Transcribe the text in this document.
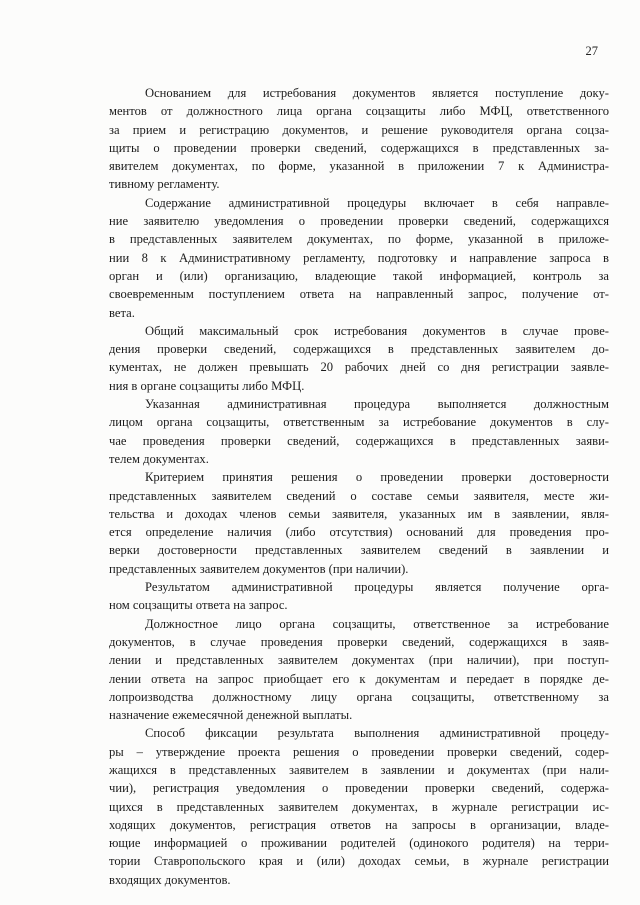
27
Основанием для истребования документов является поступление доку-
ментов от должностного лица органа соцзащиты либо МФЦ, ответственного
за прием и регистрацию документов, и решение руководителя органа соцза-
щиты о проведении проверки сведений, содержащихся в представленных за-
явителем документах, по форме, указанной в приложении 7 к Администра-
тивному регламенту.
Содержание административной процедуры включает в себя направле-
ние заявителю уведомления о проведении проверки сведений, содержащихся
в представленных заявителем документах, по форме, указанной в приложе-
нии 8 к Административному регламенту, подготовку и направление запроса в
орган и (или) организацию, владеющие такой информацией, контроль за
своевременным поступлением ответа на направленный запрос, получение от-
вета.
Общий максимальный срок истребования документов в случае прове-
дения проверки сведений, содержащихся в представленных заявителем до-
кументах, не должен превышать 20 рабочих дней со дня регистрации заявле-
ния в органе соцзащиты либо МФЦ.
Указанная административная процедура выполняется должностным
лицом органа соцзащиты, ответственным за истребование документов в слу-
чае проведения проверки сведений, содержащихся в представленных заяви-
телем документах.
Критерием принятия решения о проведении проверки достоверности
представленных заявителем сведений о составе семьи заявителя, месте жи-
тельства и доходах членов семьи заявителя, указанных им в заявлении, явля-
ется определение наличия (либо отсутствия) оснований для проведения про-
верки достоверности представленных заявителем сведений в заявлении и
представленных заявителем документов (при наличии).
Результатом административной процедуры является получение орга-
ном соцзащиты ответа на запрос.
Должностное лицо органа соцзащиты, ответственное за истребование
документов, в случае проведения проверки сведений, содержащихся в заяв-
лении и представленных заявителем документах (при наличии), при поступ-
лении ответа на запрос приобщает его к документам и передает в порядке де-
лопроизводства должностному лицу органа соцзащиты, ответственному за
назначение ежемесячной денежной выплаты.
Способ фиксации результата выполнения административной процеду-
ры – утверждение проекта решения о проведении проверки сведений, содер-
жащихся в представленных заявителем в заявлении и документах (при нали-
чии), регистрация уведомления о проведении проверки сведений, содержа-
щихся в представленных заявителем документах, в журнале регистрации ис-
ходящих документов, регистрация ответов на запросы в организации, владе-
ющие информацией о проживании родителей (одинокого родителя) на терри-
тории Ставропольского края и (или) доходах семьи, в журнале регистрации
входящих документов.
